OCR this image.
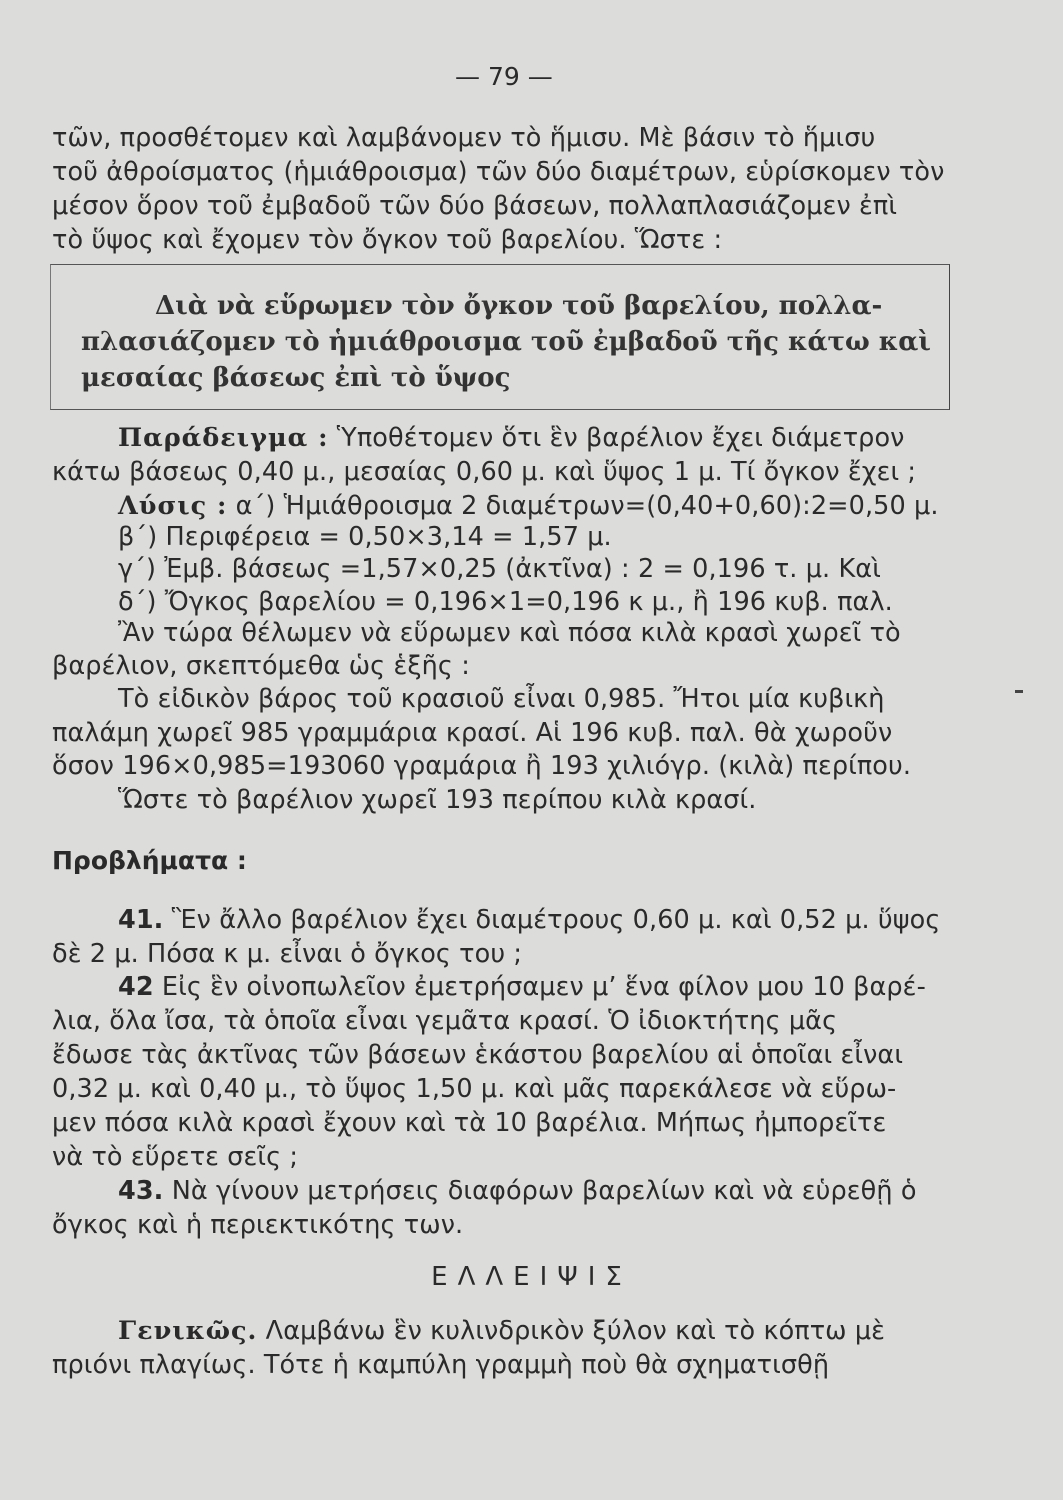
— 79 —
τῶν, προσθέτομεν καὶ λαμβάνομεν τὸ ἥμισυ. Μὲ βάσιν τὸ ἥμισυ
τοῦ ἀθροίσματος (ἡμιάθροισμα) τῶν δύο διαμέτρων, εὑρίσκομεν τὸν
μέσον ὅρον τοῦ ἐμβαδοῦ τῶν δύο βάσεων, πολλαπλασιάζομεν ἐπὶ
τὸ ὕψος καὶ ἔχομεν τὸν ὄγκον τοῦ βαρελίου. Ὥστε :
Διὰ νὰ εὕρωμεν τὸν ὄγκον τοῦ βαρελίου, πολλα-
πλασιάζομεν τὸ ἡμιάθροισμα τοῦ ἐμβαδοῦ τῆς κάτω καὶ
μεσαίας βάσεως ἐπὶ τὸ ὕψος
Παράδειγμα : Ὑποθέτομεν ὅτι ἓν βαρέλιον ἔχει διάμετρον
κάτω βάσεως 0,40 μ., μεσαίας 0,60 μ. καὶ ὕψος 1 μ. Τί ὄγκον ἔχει ;
Λύσις : α΄) Ἡμιάθροισμα 2 διαμέτρων=(0,40+0,60):2=0,50 μ.
β΄) Περιφέρεια = 0,50×3,14 = 1,57 μ.
γ΄) Ἐμβ. βάσεως =1,57×0,25 (ἀκτῖνα) : 2 = 0,196 τ. μ. Καὶ
δ΄) Ὄγκος βαρελίου = 0,196×1=0,196 κ μ., ἢ 196 κυβ. παλ.
Ἂν τώρα θέλωμεν νὰ εὕρωμεν καὶ πόσα κιλὰ κρασὶ χωρεῖ τὸ
βαρέλιον, σκεπτόμεθα ὡς ἑξῆς :
Τὸ εἰδικὸν βάρος τοῦ κρασιοῦ εἶναι 0,985. Ἤτοι μία κυβικὴ
παλάμη χωρεῖ 985 γραμμάρια κρασί. Αἱ 196 κυβ. παλ. θὰ χωροῦν
ὅσον 196×0,985=193060 γραμάρια ἢ 193 χιλιόγρ. (κιλὰ) περίπου.
Ὥστε τὸ βαρέλιον χωρεῖ 193 περίπου κιλὰ κρασί.
Προβλήματα :
41. Ἓν ἄλλο βαρέλιον ἔχει διαμέτρους 0,60 μ. καὶ 0,52 μ. ὕψος
δὲ 2 μ. Πόσα κ μ. εἶναι ὁ ὄγκος του ;
42 Εἰς ἓν οἰνοπωλεῖον ἐμετρήσαμεν μ’ ἕνα φίλον μου 10 βαρέ-
λια, ὅλα ἴσα, τὰ ὁποῖα εἶναι γεμᾶτα κρασί. Ὁ ἰδιοκτήτης μᾶς
ἔδωσε τὰς ἀκτῖνας τῶν βάσεων ἑκάστου βαρελίου αἱ ὁποῖαι εἶναι
0,32 μ. καὶ 0,40 μ., τὸ ὕψος 1,50 μ. καὶ μᾶς παρεκάλεσε νὰ εὕρω-
μεν πόσα κιλὰ κρασὶ ἔχουν καὶ τὰ 10 βαρέλια. Μήπως ἠμπορεῖτε
νὰ τὸ εὕρετε σεῖς ;
43. Νὰ γίνουν μετρήσεις διαφόρων βαρελίων καὶ νὰ εὑρεθῇ ὁ
ὄγκος καὶ ἡ περιεκτικότης των.
ΕΛΛΕΙΨΙΣ
Γενικῶς. Λαμβάνω ἓν κυλινδρικὸν ξύλον καὶ τὸ κόπτω μὲ
πριόνι πλαγίως. Τότε ἡ καμπύλη γραμμὴ ποὺ θὰ σχηματισθῇ
